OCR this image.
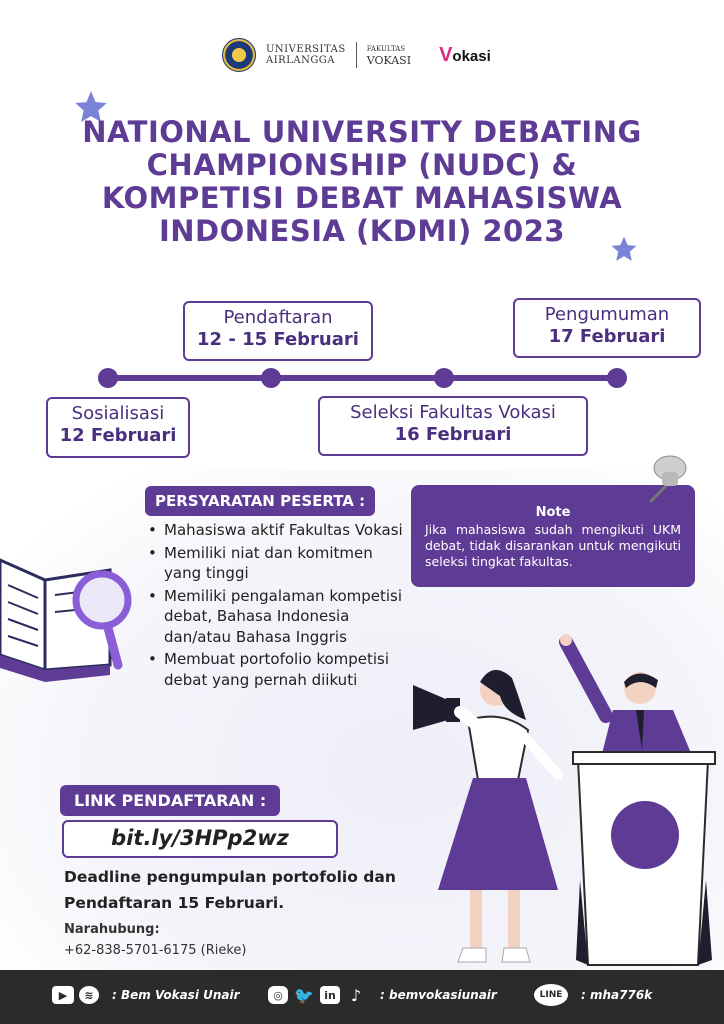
UNIVERSITAS
AIRLANGGA
FAKULTAS
VOKASI Vokasi
NATIONAL UNIVERSITY DEBATING CHAMPIONSHIP (NUDC) & KOMPETISI DEBAT MAHASISWA INDONESIA (KDMI) 2023
Sosialisasi
12 Februari
Pendaftaran
12 - 15 Februari
Seleksi Fakultas Vokasi
16 Februari
Pengumuman
17 Februari
PERSYARATAN PESERTA :
• Mahasiswa aktif Fakultas Vokasi
• Memiliki niat dan komitmen yang tinggi
• Memiliki pengalaman kompetisi debat, Bahasa Indonesia dan/atau Bahasa Inggris
• Membuat portofolio kompetisi debat yang pernah diikuti
Note
Jika mahasiswa sudah mengikuti UKM debat, tidak disarankan untuk mengikuti seleksi tingkat fakultas.
LINK PENDAFTARAN :
bit.ly/3HPp2wz
Deadline pengumpulan portofolio dan Pendaftaran 15 Februari.
Narahubung:
+62-838-5701-6175 (Rieke)
▶	≋	: Bem Vokasi Unair	◎ 🐦 in ♪	: bemvokasiunair	LINE	: mha776k
